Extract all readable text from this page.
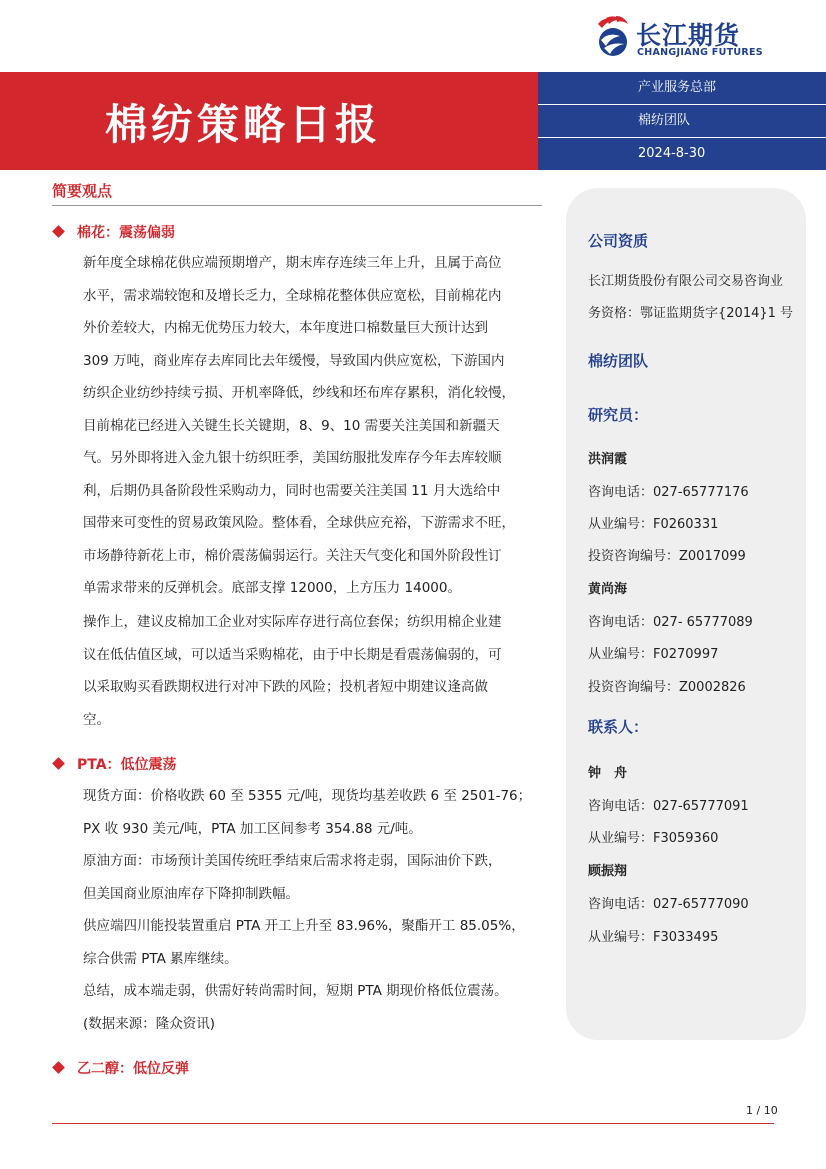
长江期货
CHANGJIANG FUTURES
棉纺策略日报
产业服务总部
棉纺团队
2024-8-30
简要观点
棉花：震荡偏弱
新年度全球棉花供应端预期增产，期末库存连续三年上升，且属于高位
水平，需求端较饱和及增长乏力，全球棉花整体供应宽松，目前棉花内
外价差较大，内棉无优势压力较大，本年度进口棉数量巨大预计达到
309 万吨，商业库存去库同比去年缓慢，导致国内供应宽松，下游国内
纺织企业纺纱持续亏损、开机率降低，纱线和坯布库存累积，消化较慢，
目前棉花已经进入关键生长关键期，8、9、10 需要关注美国和新疆天
气。另外即将进入金九银十纺织旺季，美国纺服批发库存今年去库较顺
利，后期仍具备阶段性采购动力，同时也需要关注美国 11 月大选给中
国带来可变性的贸易政策风险。整体看，全球供应充裕，下游需求不旺，
市场静待新花上市，棉价震荡偏弱运行。关注天气变化和国外阶段性订
单需求带来的反弹机会。底部支撑 12000，上方压力 14000。
操作上，建议皮棉加工企业对实际库存进行高位套保；纺织用棉企业建
议在低估值区域，可以适当采购棉花，由于中长期是看震荡偏弱的，可
以采取购买看跌期权进行对冲下跌的风险；投机者短中期建议逢高做
空。
PTA：低位震荡
现货方面：价格收跌 60 至 5355 元/吨，现货均基差收跌 6 至 2501-76；
PX 收 930 美元/吨，PTA 加工区间参考 354.88 元/吨。
原油方面：市场预计美国传统旺季结束后需求将走弱，国际油价下跌，
但美国商业原油库存下降抑制跌幅。
供应端四川能投装置重启 PTA 开工上升至 83.96%，聚酯开工 85.05%，
综合供需 PTA 累库继续。
总结，成本端走弱，供需好转尚需时间，短期 PTA 期现价格低位震荡。
(数据来源：隆众资讯)
乙二醇：低位反弹
公司资质
长江期货股份有限公司交易咨询业
务资格：鄂证监期货字{2014}1 号
棉纺团队
研究员：
洪润霞
咨询电话：027-65777176
从业编号：F0260331
投资咨询编号：Z0017099
黄尚海
咨询电话：027- 65777089
从业编号：F0270997
投资咨询编号：Z0002826
联系人：
钟　舟
咨询电话：027-65777091
从业编号：F3059360
顾振翔
咨询电话：027-65777090
从业编号：F3033495
1 / 10
